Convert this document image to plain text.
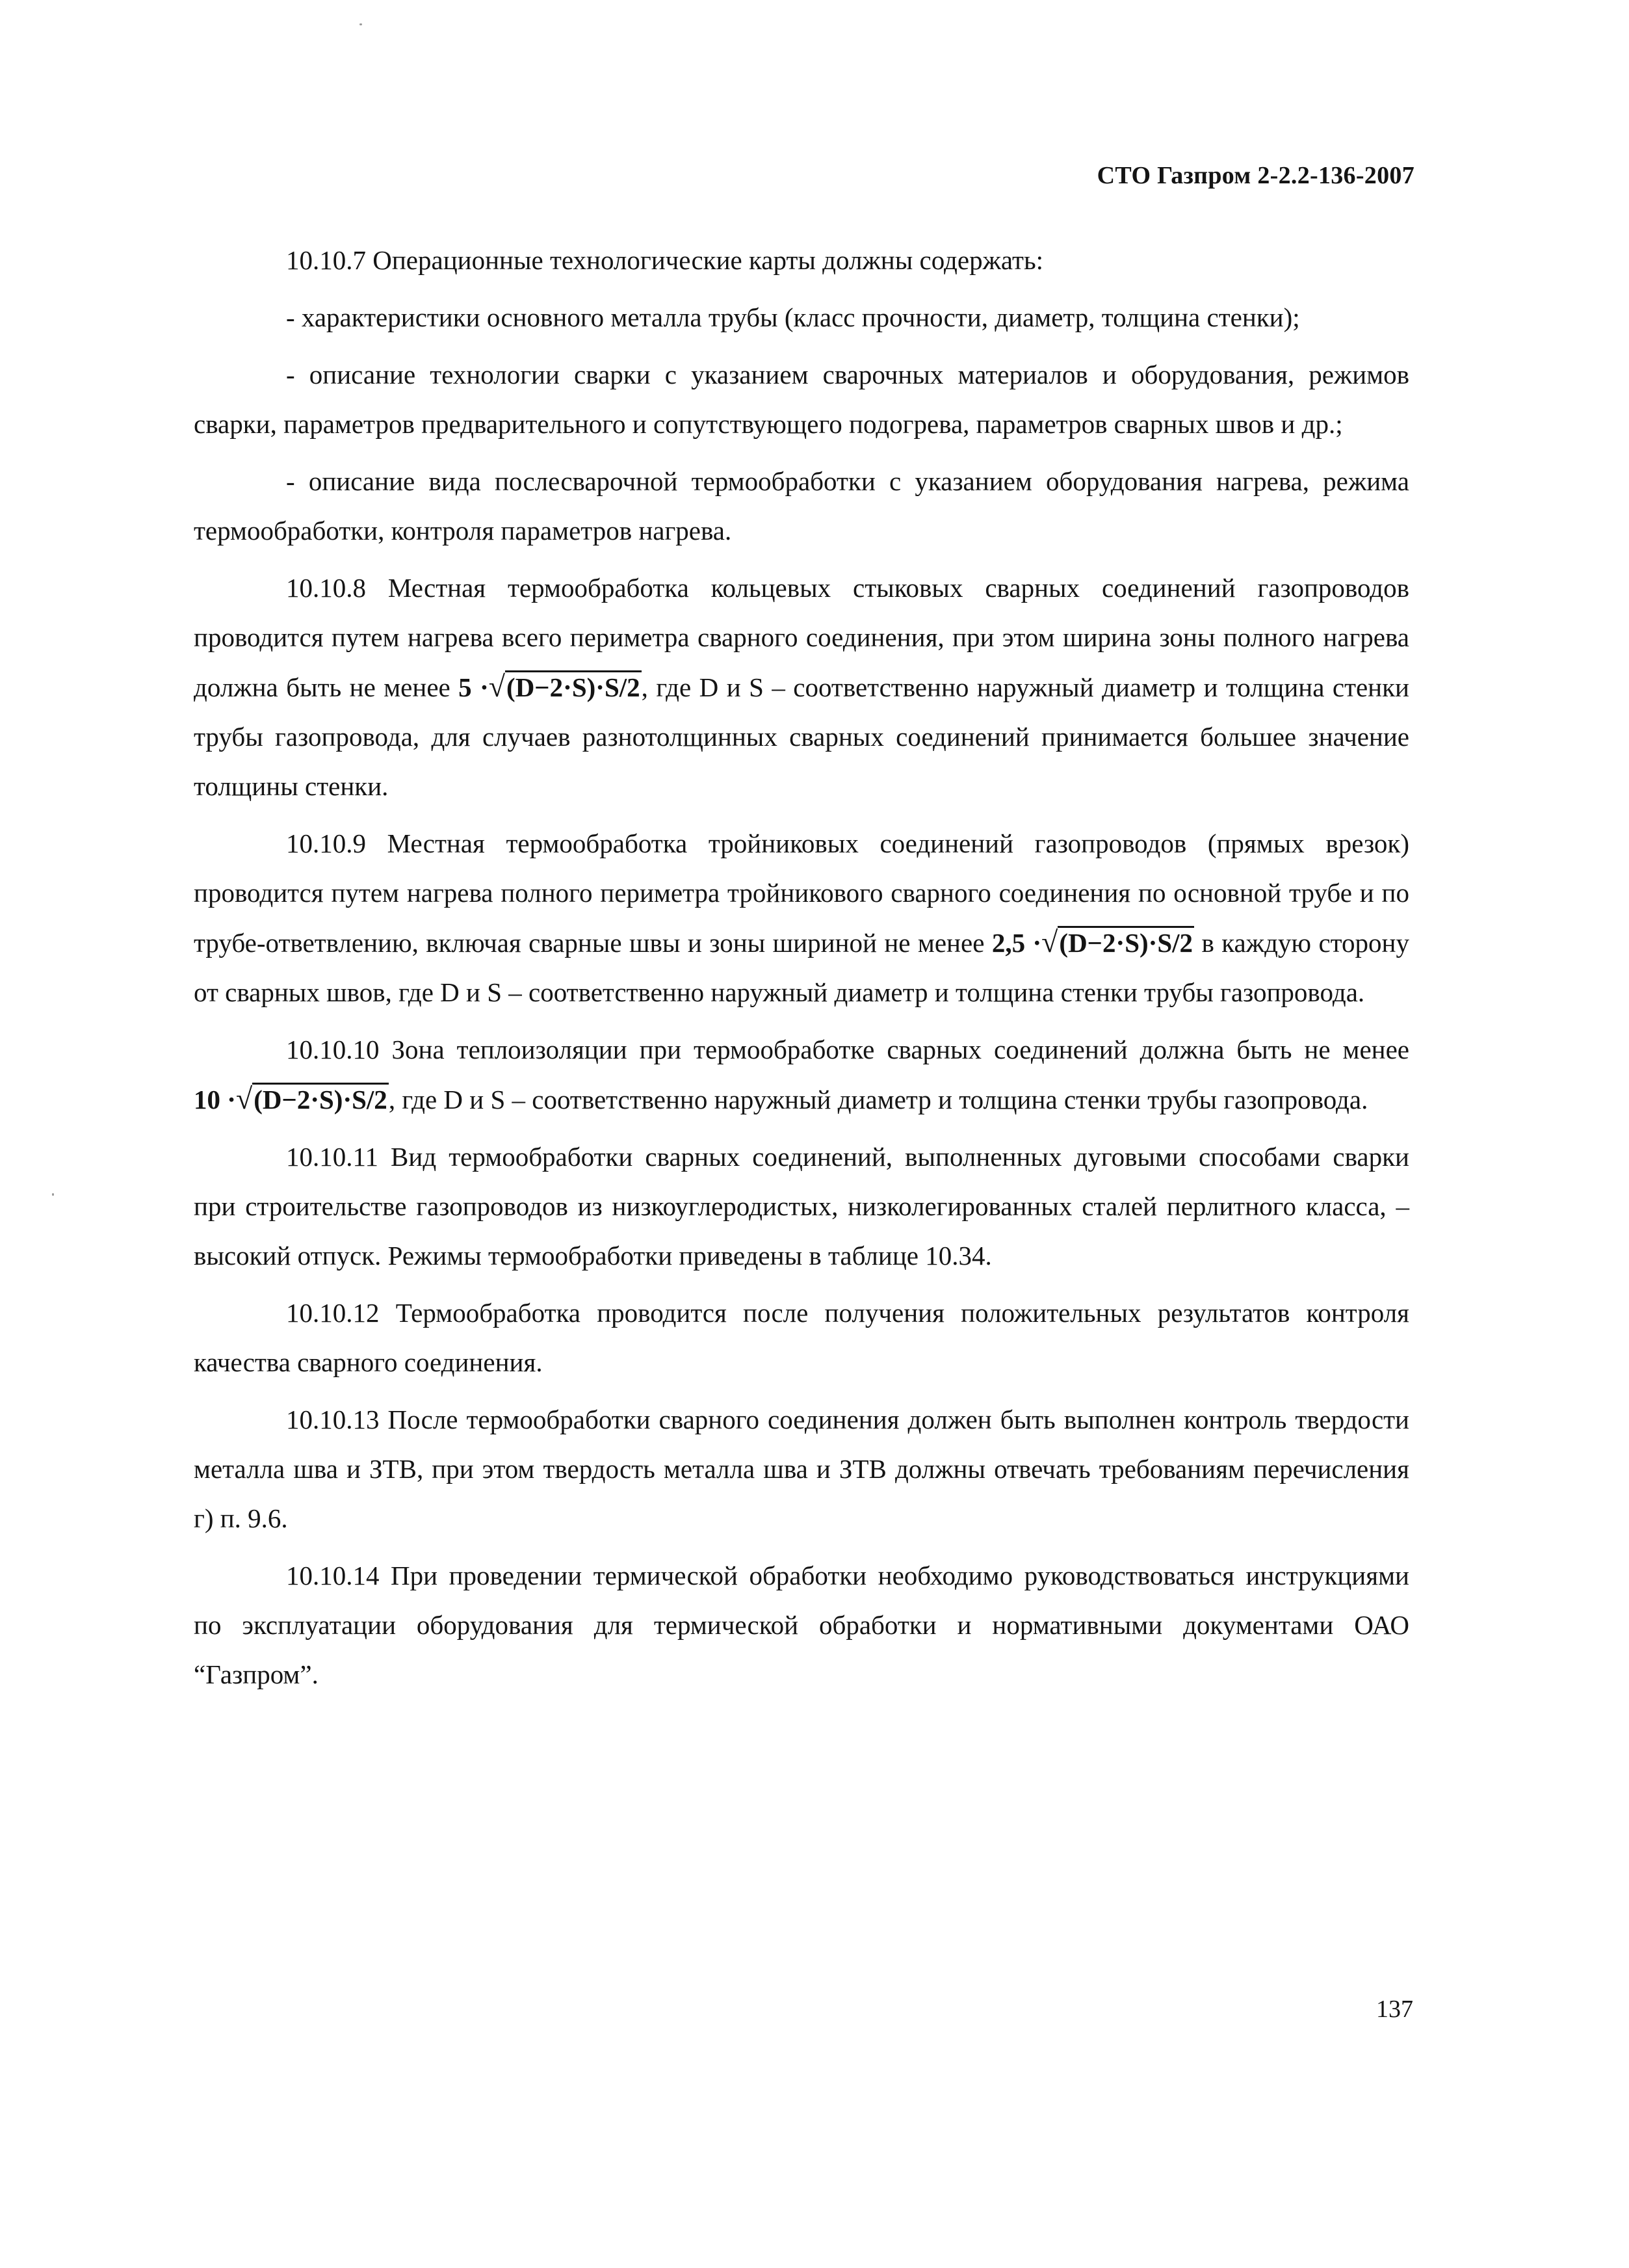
СТО Газпром 2-2.2-136-2007

10.10.7 Операционные технологические карты должны содержать:

- характеристики основного металла трубы (класс прочности, диаметр, толщина стенки);

- описание технологии сварки с указанием сварочных материалов и оборудования, режимов сварки, параметров предварительного и сопутствующего подогрева, параметров сварных швов и др.;

- описание вида послесварочной термообработки с указанием оборудования нагрева, режима термообработки, контроля параметров нагрева.

10.10.8 Местная термообработка кольцевых стыковых сварных соединений газопроводов проводится путем нагрева всего периметра сварного соединения, при этом ширина зоны полного нагрева должна быть не менее 5 ·√(D−2·S)·S/2, где D и S – соответственно наружный диаметр и толщина стенки трубы газопровода, для случаев разнотолщинных сварных соединений принимается большее значение толщины стенки.

10.10.9 Местная термообработка тройниковых соединений газопроводов (прямых врезок) проводится путем нагрева полного периметра тройникового сварного соединения по основной трубе и по трубе-ответвлению, включая сварные швы и зоны шириной не менее 2,5 ·√(D−2·S)·S/2 в каждую сторону от сварных швов, где D и S – соответственно наружный диаметр и толщина стенки трубы газопровода.

10.10.10 Зона теплоизоляции при термообработке сварных соединений должна быть не менее 10 ·√(D−2·S)·S/2, где D и S – соответственно наружный диаметр и толщина стенки трубы газопровода.

10.10.11 Вид термообработки сварных соединений, выполненных дуговыми способами сварки при строительстве газопроводов из низкоуглеродистых, низколегированных сталей перлитного класса, – высокий отпуск. Режимы термообработки приведены в таблице 10.34.

10.10.12 Термообработка проводится после получения положительных результатов контроля качества сварного соединения.

10.10.13 После термообработки сварного соединения должен быть выполнен контроль твердости металла шва и ЗТВ, при этом твердость металла шва и ЗТВ должны отвечать требованиям перечисления г) п. 9.6.

10.10.14 При проведении термической обработки необходимо руководствоваться инструкциями по эксплуатации оборудования для термической обработки и нормативными документами ОАО “Газпром”.

137
